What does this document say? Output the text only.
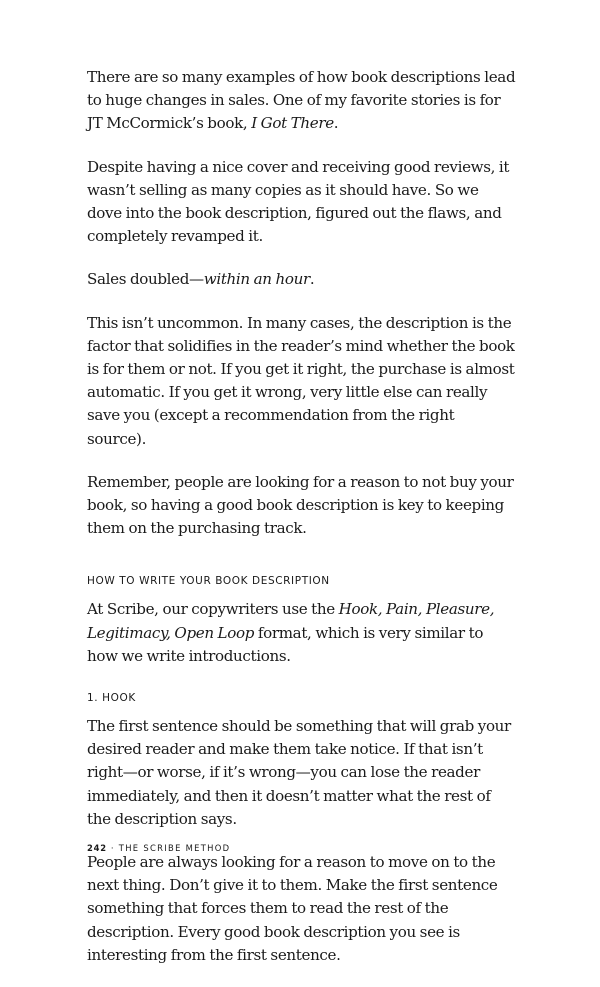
There are so many examples of how book descriptions lead to huge changes in sales. One of my favorite stories is for JT McCormick’s book, I Got There.

Despite having a nice cover and receiving good reviews, it wasn’t selling as many copies as it should have. So we dove into the book description, figured out the flaws, and completely revamped it.

Sales doubled—within an hour.

This isn’t uncommon. In many cases, the description is the factor that solidifies in the reader’s mind whether the book is for them or not. If you get it right, the purchase is almost automatic. If you get it wrong, very little else can really save you (except a recommendation from the right source).

Remember, people are looking for a reason to not buy your book, so having a good book description is key to keeping them on the purchasing track.

HOW TO WRITE YOUR BOOK DESCRIPTION

At Scribe, our copywriters use the Hook, Pain, Pleasure, Legitimacy, Open Loop format, which is very similar to how we write introductions.

1. HOOK

The first sentence should be something that will grab your desired reader and make them take notice. If that isn’t right—or worse, if it’s wrong—you can lose the reader immediately, and then it doesn’t matter what the rest of the description says.

People are always looking for a reason to move on to the next thing. Don’t give it to them. Make the first sentence something that forces them to read the rest of the description. Every good book description you see is interesting from the first sentence.

242 · THE SCRIBE METHOD
